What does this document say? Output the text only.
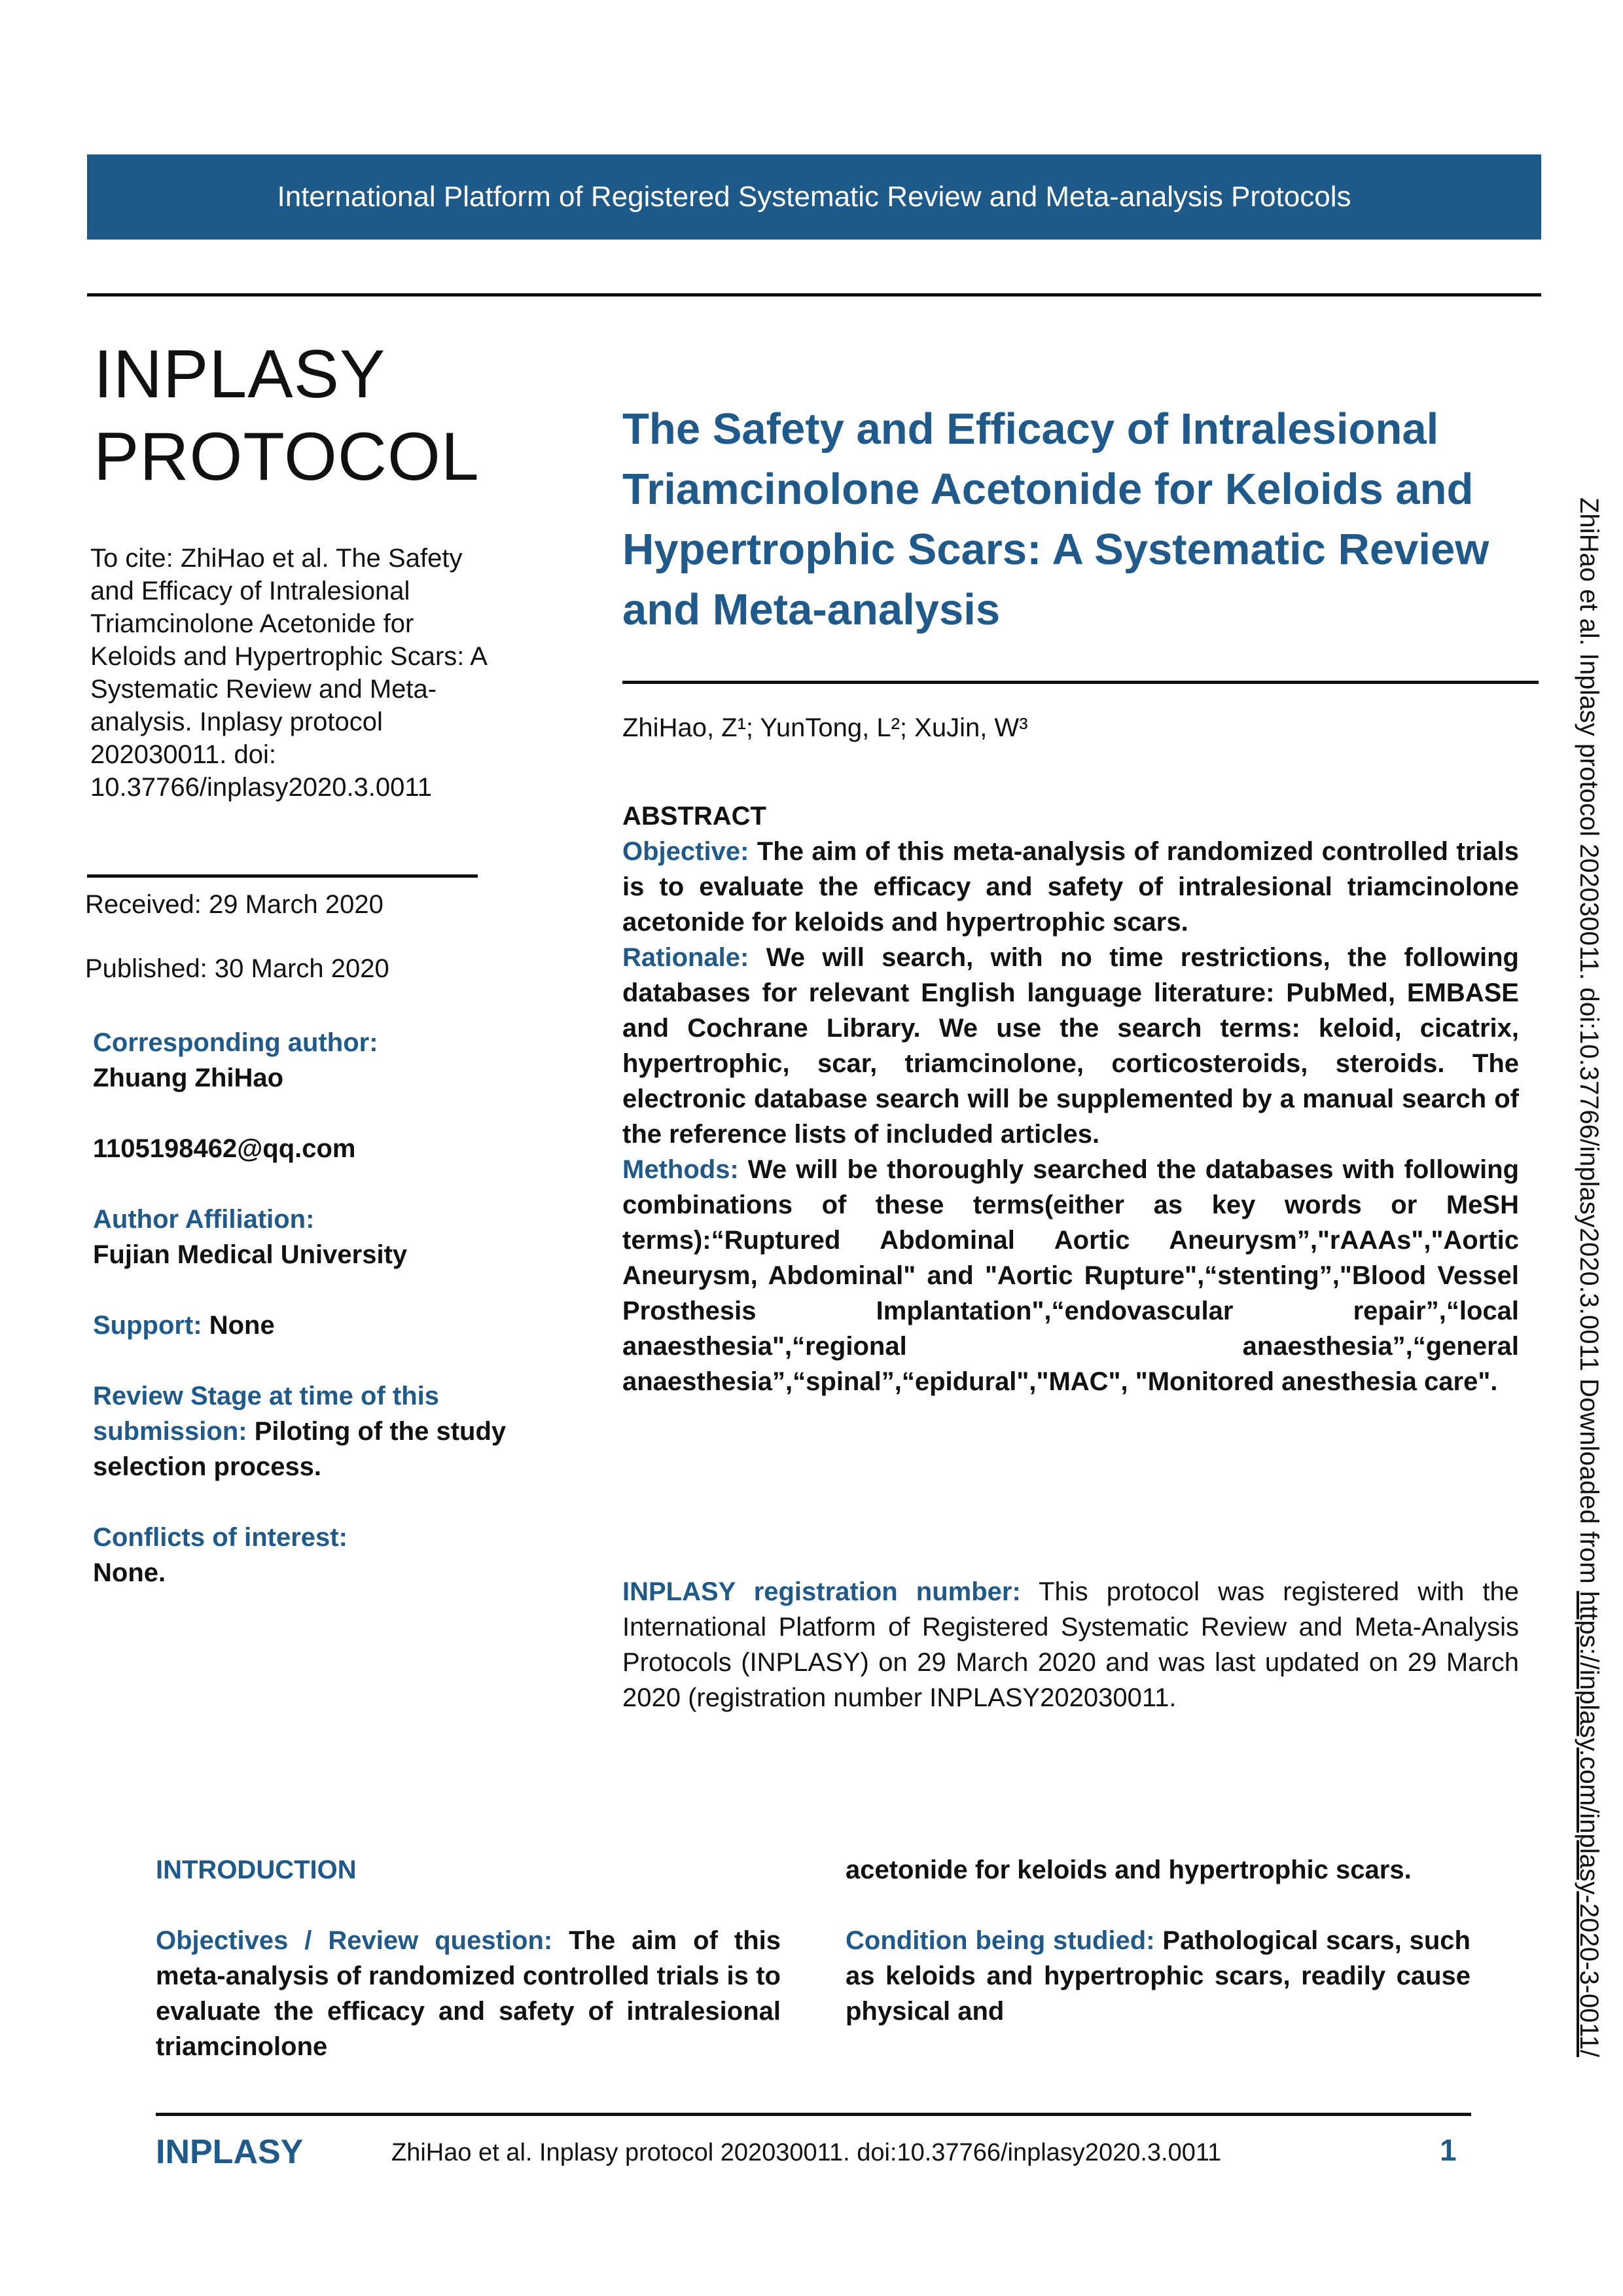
International Platform of Registered Systematic Review and Meta-analysis Protocols
INPLASY
PROTOCOL
To cite: ZhiHao et al. The Safety and Efficacy of Intralesional Triamcinolone Acetonide for Keloids and Hypertrophic Scars: A Systematic Review and Meta-analysis. Inplasy protocol 202030011. doi: 10.37766/inplasy2020.3.0011
Received: 29 March 2020
Published: 30 March 2020
Corresponding author:
Zhuang ZhiHao
1105198462@qq.com
Author Affiliation:
Fujian Medical University
Support: None
Review Stage at time of this submission: Piloting of the study selection process.
Conflicts of interest:
None.
The Safety and Efficacy of Intralesional Triamcinolone Acetonide for Keloids and Hypertrophic Scars: A Systematic Review and Meta-analysis
ZhiHao, Z¹; YunTong, L²; XuJin, W³

ABSTRACT

Objective: The aim of this meta-analysis of randomized controlled trials is to evaluate the efficacy and safety of intralesional triamcinolone acetonide for keloids and hypertrophic scars.

Rationale: We will search, with no time restrictions, the following databases for relevant English language literature: PubMed, EMBASE and Cochrane Library. We use the search terms: keloid, cicatrix, hypertrophic, scar, triamcinolone, corticosteroids, steroids. The electronic database search will be supplemented by a manual search of the reference lists of included articles.

Methods: We will be thoroughly searched the databases with following combinations of these terms(either as key words or MeSH terms):“Ruptured Abdominal Aortic Aneurysm”,"rAAAs","Aortic Aneurysm, Abdominal" and "Aortic Rupture",“stenting”,"Blood Vessel Prosthesis Implantation",“endovascular repair”,“local anaesthesia",“regional anaesthesia”,“general anaesthesia”,“spinal”,“epidural","MAC", "Monitored anesthesia care".

INPLASY registration number: This protocol was registered with the International Platform of Registered Systematic Review and Meta-Analysis Protocols (INPLASY) on 29 March 2020 and was last updated on 29 March 2020 (registration number INPLASY202030011.

INTRODUCTION

Objectives / Review question: The aim of this meta-analysis of randomized controlled trials is to evaluate the efficacy and safety of intralesional triamcinolone

acetonide for keloids and hypertrophic scars.

Condition being studied: Pathological scars, such as keloids and hypertrophic scars, readily cause physical and

INPLASY	ZhiHao et al. Inplasy protocol 202030011. doi:10.37766/inplasy2020.3.0011	1
ZhiHao et al. Inplasy protocol 202030011. doi:10.37766/inplasy2020.3.0011 Downloaded from https://inplasy.com/inplasy-2020-3-0011/
